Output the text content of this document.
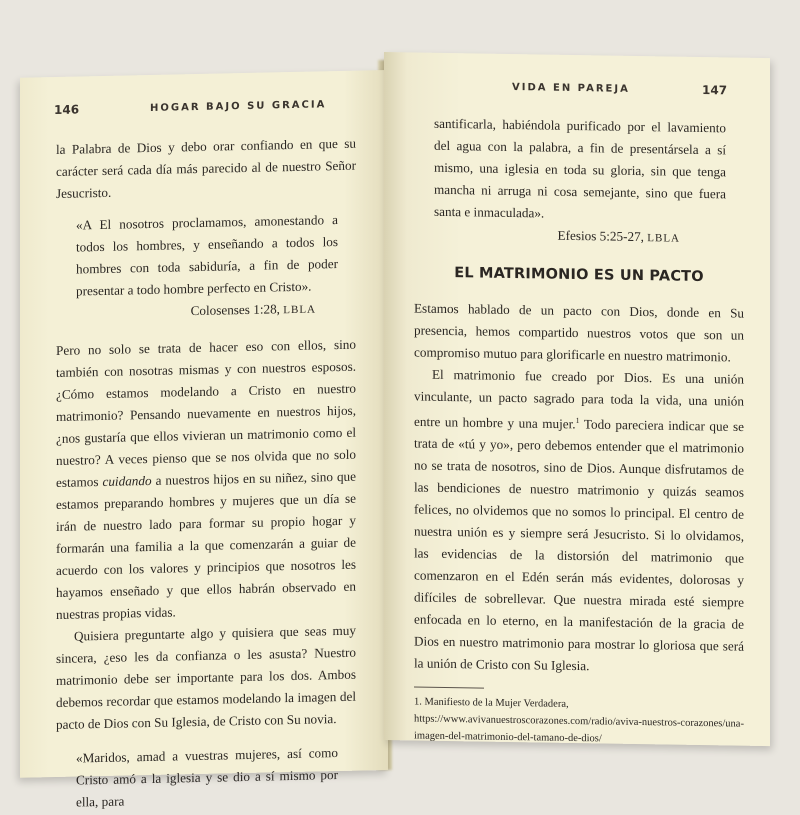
146	HOGAR BAJO SU GRACIA

la Palabra de Dios y debo orar confiando en que su carácter será cada día más parecido al de nuestro Señor Jesucristo.

«A El nosotros proclamamos, amonestando a todos los hombres, y enseñando a todos los hombres con toda sabiduría, a fin de poder presentar a todo hombre perfecto en Cristo».

Colosenses 1:28, LBLA

Pero no solo se trata de hacer eso con ellos, sino también con nosotras mismas y con nuestros esposos. ¿Cómo estamos modelando a Cristo en nuestro matrimonio? Pensando nuevamente en nuestros hijos, ¿nos gustaría que ellos vivieran un matrimonio como el nuestro? A veces pienso que se nos olvida que no solo estamos cuidando a nuestros hijos en su niñez, sino que estamos preparando hombres y mujeres que un día se irán de nuestro lado para formar su propio hogar y formarán una familia a la que comenzarán a guiar de acuerdo con los valores y principios que nosotros les hayamos enseñado y que ellos habrán observado en nuestras propias vidas.

Quisiera preguntarte algo y quisiera que seas muy sincera, ¿eso les da confianza o les asusta? Nuestro matrimonio debe ser importante para los dos. Ambos debemos recordar que estamos modelando la imagen del pacto de Dios con Su Iglesia, de Cristo con Su novia.

«Maridos, amad a vuestras mujeres, así como Cristo amó a la iglesia y se dio a sí mismo por ella, para

VIDA EN PAREJA	147

santificarla, habiéndola purificado por el lavamiento del agua con la palabra, a fin de presentársela a sí mismo, una iglesia en toda su gloria, sin que tenga mancha ni arruga ni cosa semejante, sino que fuera santa e inmaculada».

Efesios 5:25-27, LBLA

EL MATRIMONIO ES UN PACTO

Estamos hablado de un pacto con Dios, donde en Su presencia, hemos compartido nuestros votos que son un compromiso mutuo para glorificarle en nuestro matrimonio.

El matrimonio fue creado por Dios. Es una unión vinculante, un pacto sagrado para toda la vida, una unión entre un hombre y una mujer.$^1$ Todo pareciera indicar que se trata de «tú y yo», pero debemos entender que el matrimonio no se trata de nosotros, sino de Dios. Aunque disfrutamos de las bendiciones de nuestro matrimonio y quizás seamos felices, no olvidemos que no somos lo principal. El centro de nuestra unión es y siempre será Jesucristo. Si lo olvidamos, las evidencias de la distorsión del matrimonio que comenzaron en el Edén serán más evidentes, dolorosas y difíciles de sobrellevar. Que nuestra mirada esté siempre enfocada en lo eterno, en la manifestación de la gracia de Dios en nuestro matrimonio para mostrar lo gloriosa que será la unión de Cristo con Su Iglesia.

1. Manifiesto de la Mujer Verdadera, https://www.avivanuestroscorazones.com/radio/aviva-nuestros-corazones/una-imagen-del-matrimonio-del-tamano-de-dios/
